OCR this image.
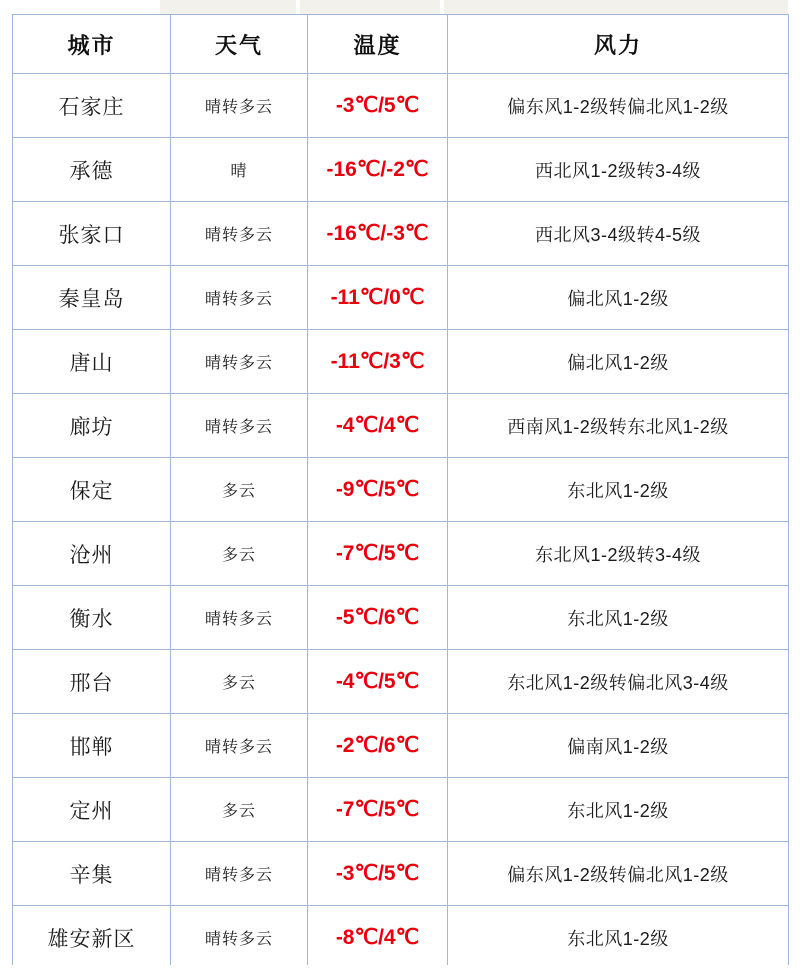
城市	天气	温度	风力
石家庄	晴转多云	-3℃/5℃	偏东风1-2级转偏北风1-2级
承德	晴	-16℃/-2℃	西北风1-2级转3-4级
张家口	晴转多云	-16℃/-3℃	西北风3-4级转4-5级
秦皇岛	晴转多云	-11℃/0℃	偏北风1-2级
唐山	晴转多云	-11℃/3℃	偏北风1-2级
廊坊	晴转多云	-4℃/4℃	西南风1-2级转东北风1-2级
保定	多云	-9℃/5℃	东北风1-2级
沧州	多云	-7℃/5℃	东北风1-2级转3-4级
衡水	晴转多云	-5℃/6℃	东北风1-2级
邢台	多云	-4℃/5℃	东北风1-2级转偏北风3-4级
邯郸	晴转多云	-2℃/6℃	偏南风1-2级
定州	多云	-7℃/5℃	东北风1-2级
辛集	晴转多云	-3℃/5℃	偏东风1-2级转偏北风1-2级
雄安新区	晴转多云	-8℃/4℃	东北风1-2级
